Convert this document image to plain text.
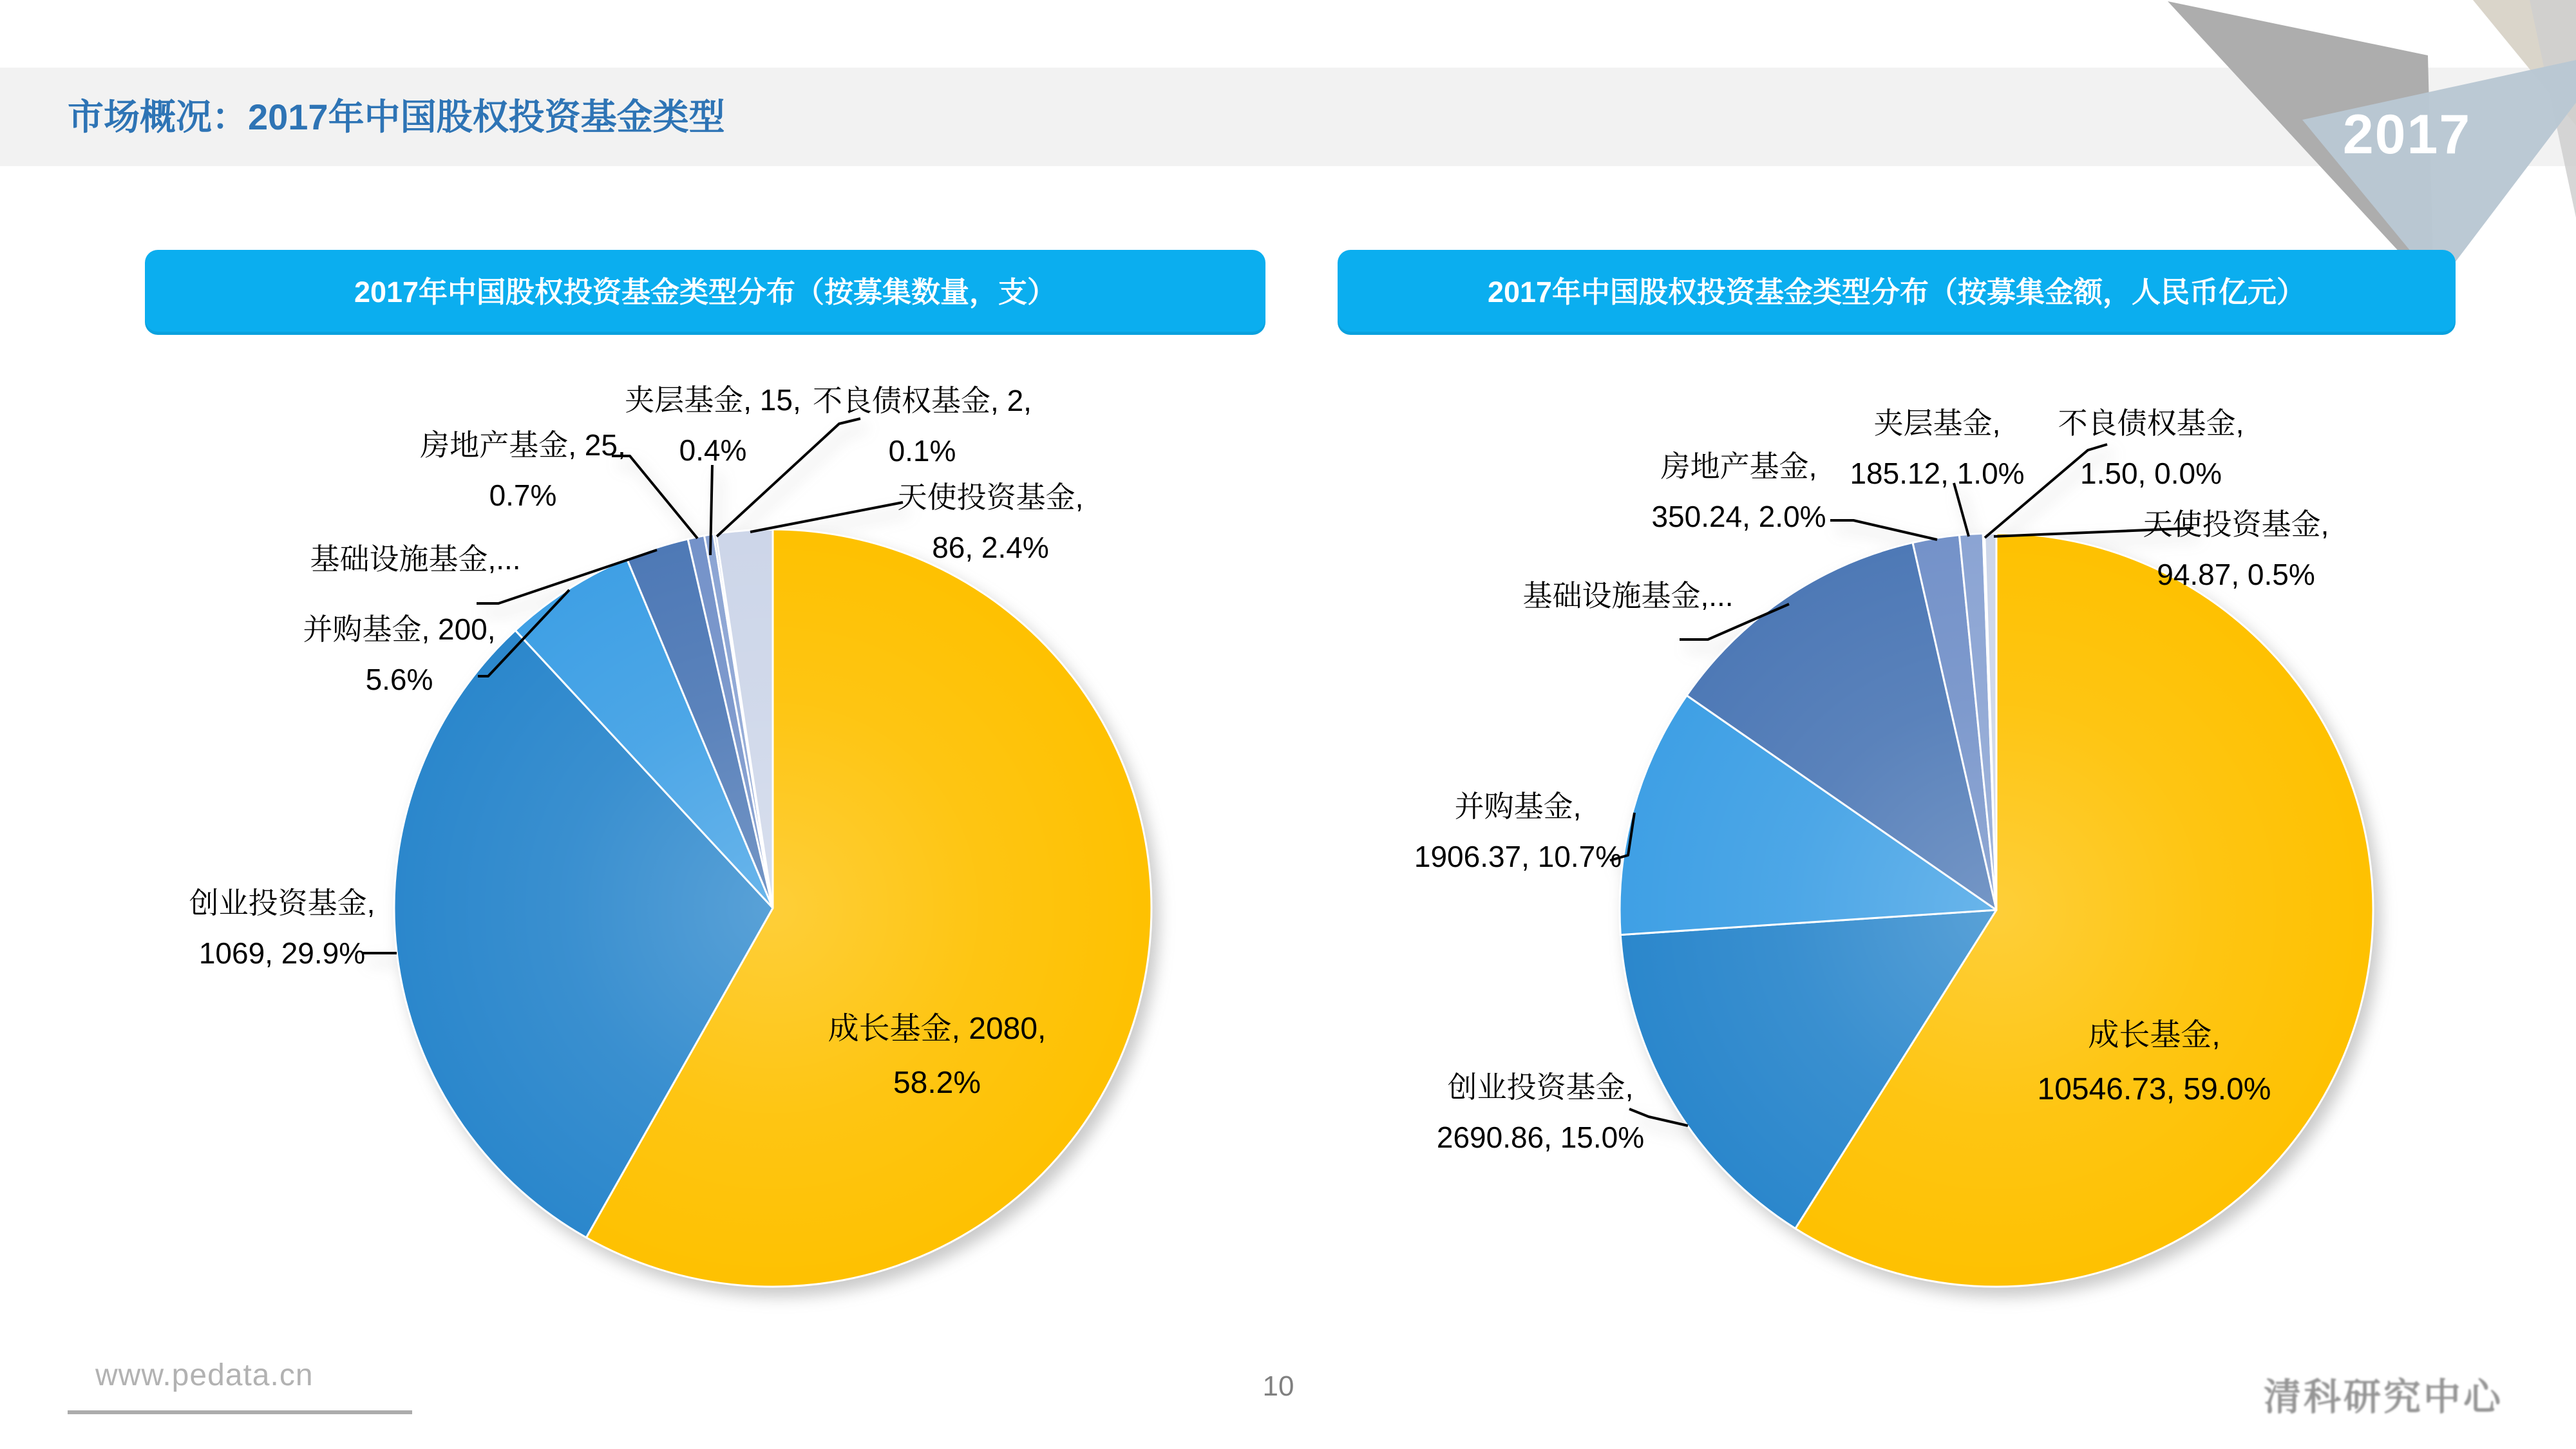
市场概况：2017年中国股权投资基金类型	2017
2017年中国股权投资基金类型分布（按募集数量，支）	2017年中国股权投资基金类型分布（按募集金额，人民币亿元）
成长基金, 2080,
58.2%
创业投资基金,
1069, 29.9%
并购基金, 200,
5.6%
基础设施基金,...
房地产基金, 25,
0.7%
夹层基金, 15,
0.4%
不良债权基金, 2,
0.1%
天使投资基金,
86, 2.4%
成长基金,
10546.73, 59.0%
创业投资基金,
2690.86, 15.0%
并购基金,
1906.37, 10.7%
基础设施基金,...
房地产基金,
350.24, 2.0%
夹层基金,
185.12, 1.0%
不良债权基金,
1.50, 0.0%
天使投资基金,
94.87, 0.5%
www.pedata.cn	10	清科研究中心
